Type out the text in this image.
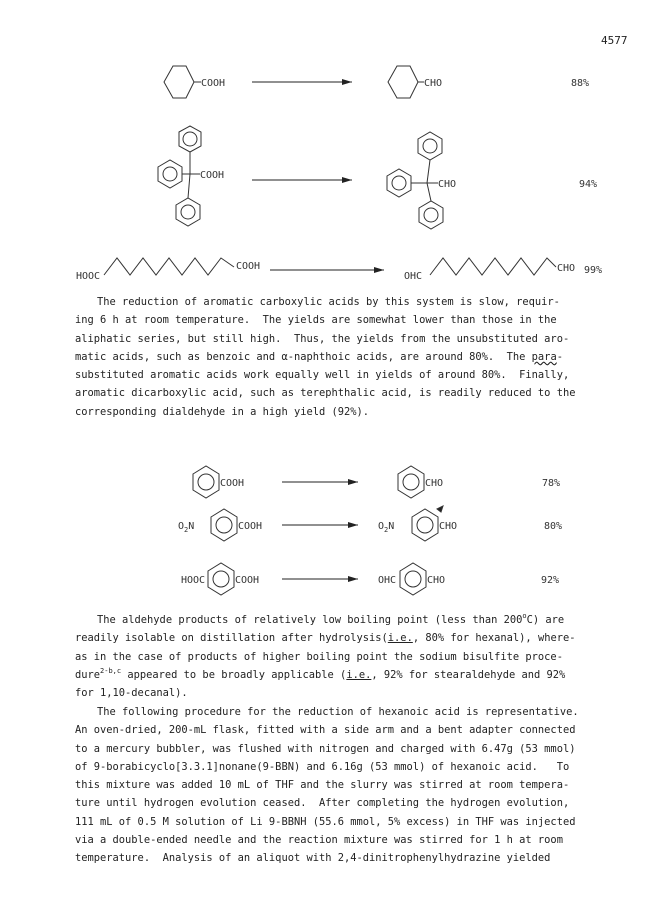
4577
COOH	CHO	88%
COOH
CHO	94%
HOOC
COOH
OHC
CHO 99%
COOH	CHO	78%
$O_2N$	COOH	$O_2N$	CHO	80%
HOOC	COOH	OHC	CHO	92%
The reduction of aromatic carboxylic acids by this system is slow, requir-
ing 6 h at room temperature.  The yields are somewhat lower than those in the
aliphatic series, but still high.  Thus, the yields from the unsubstituted aro-
matic acids, such as benzoic and α-naphthoic acids, are around 80%.  The para-
substituted aromatic acids work equally well in yields of around 80%.  Finally,
aromatic dicarboxylic acid, such as terephthalic acid, is readily reduced to the
corresponding dialdehyde in a high yield (92%).
The aldehyde products of relatively low boiling point (less than 200$^o$C) are
readily isolable on distillation after hydrolysis(i.e., 80% for hexanal), where-
as in the case of products of higher boiling point the sodium bisulfite proce-
dure$^{2-b,c}$ appeared to be broadly applicable (i.e., 92% for stearaldehyde and 92%
for 1,10-decanal).
The following procedure for the reduction of hexanoic acid is representative.
An oven-dried, 200-mL flask, fitted with a side arm and a bent adapter connected
to a mercury bubbler, was flushed with nitrogen and charged with 6.47g (53 mmol)
of 9-borabicyclo[3.3.1]nonane(9-BBN) and 6.16g (53 mmol) of hexanoic acid.   To
this mixture was added 10 mL of THF and the slurry was stirred at room tempera-
ture until hydrogen evolution ceased.  After completing the hydrogen evolution,
111 mL of 0.5 M solution of Li 9-BBNH (55.6 mmol, 5% excess) in THF was injected
via a double-ended needle and the reaction mixture was stirred for 1 h at room
temperature.  Analysis of an aliquot with 2,4-dinitrophenylhydrazine yielded
